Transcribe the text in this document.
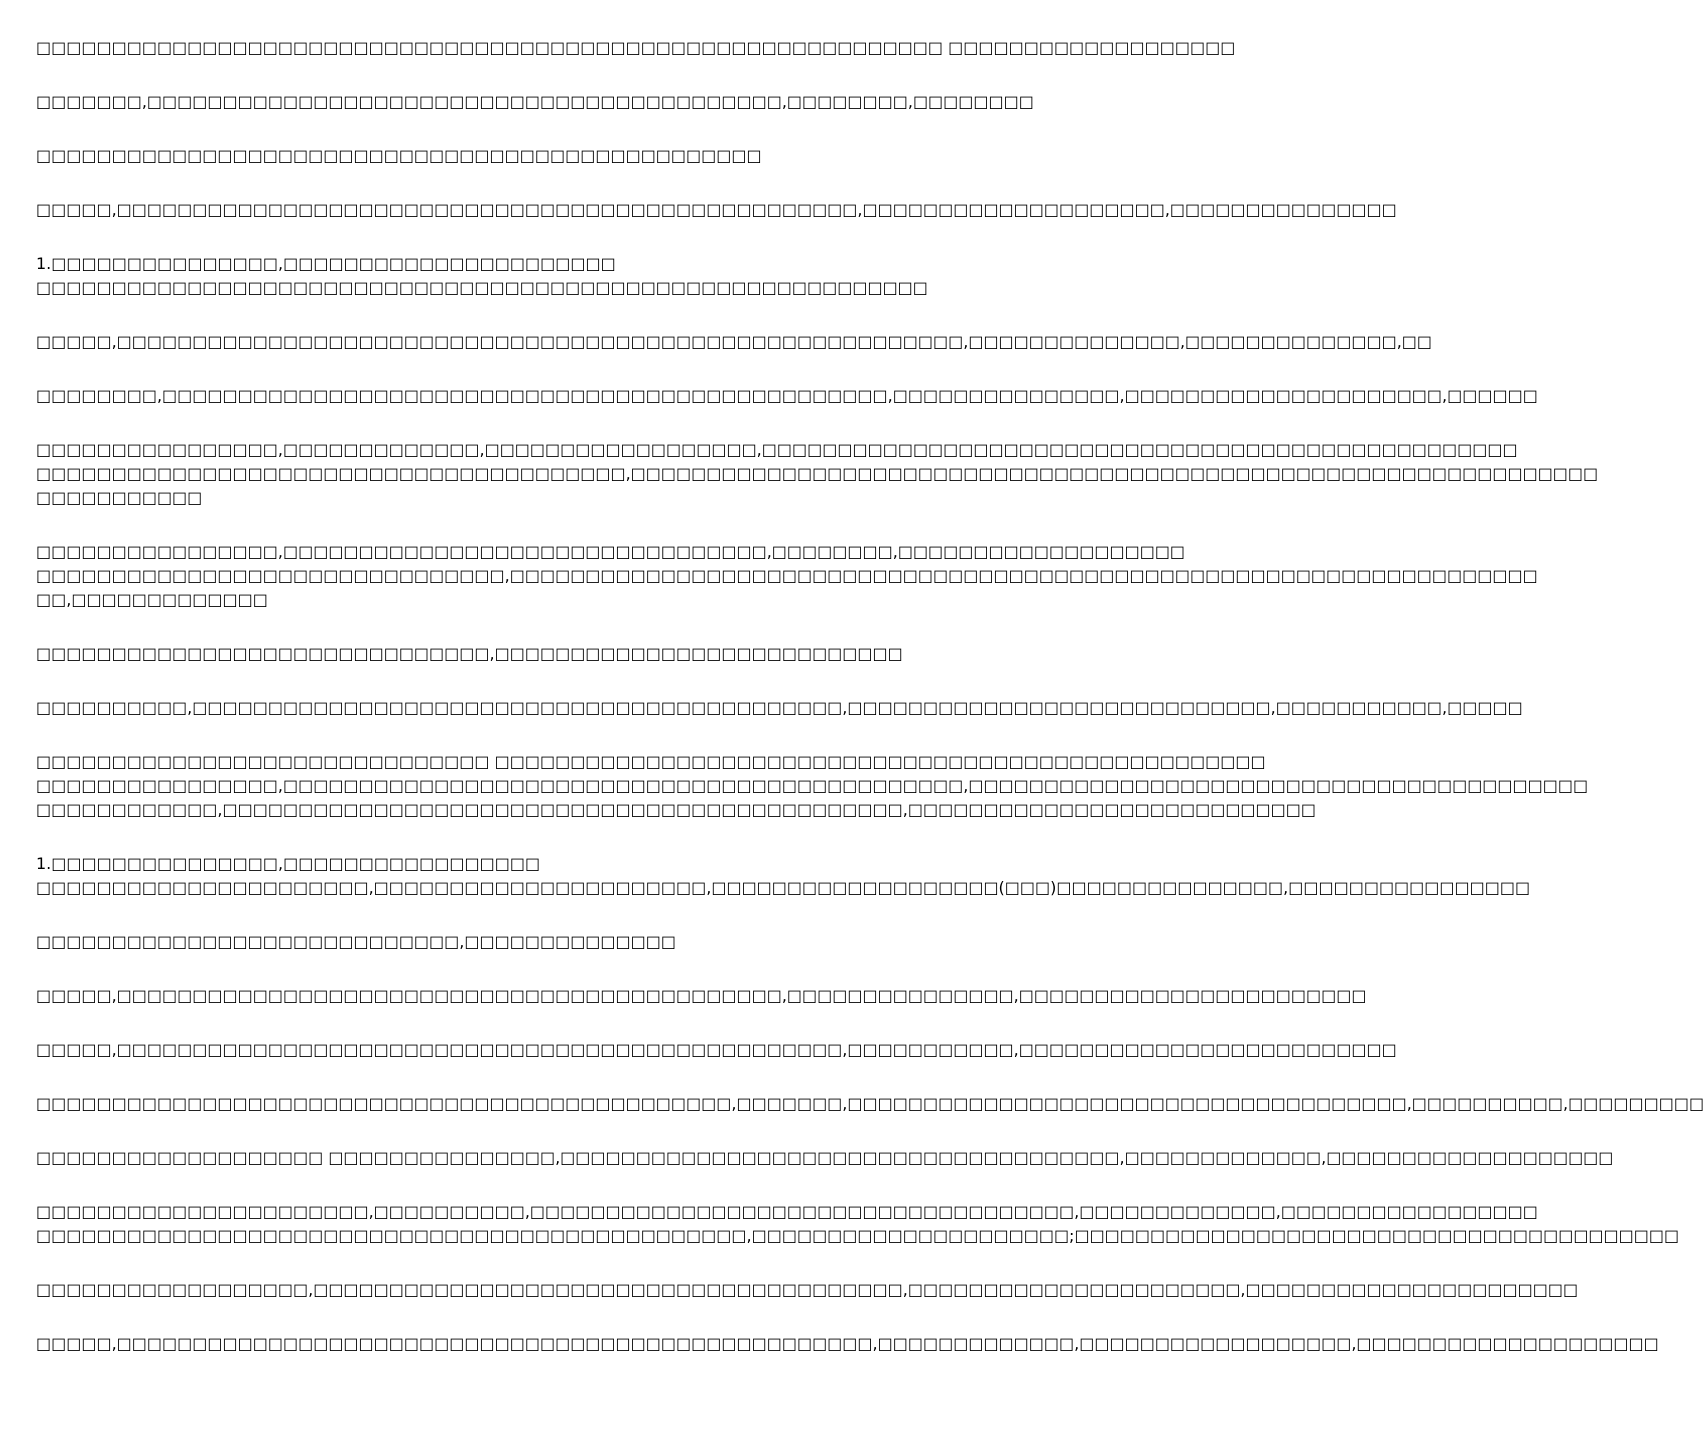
□□□□□□□□□□□□□□□□□□□□□□□□□□□□□□□□□□□□□□□□□□□□□□□□□□□□□□□□□□□□ □□□□□□□□□□□□□□□□□□□
□□□□□□□,□□□□□□□□□□□□□□□□□□□□□□□□□□□□□□□□□□□□□□□□□□,□□□□□□□□,□□□□□□□□
□□□□□□□□□□□□□□□□□□□□□□□□□□□□□□□□□□□□□□□□□□□□□□□□
□□□□□,□□□□□□□□□□□□□□□□□□□□□□□□□□□□□□□□□□□□□□□□□□□□□□□□□,□□□□□□□□□□□□□□□□□□□□,□□□□□□□□□□□□□□□
1.□□□□□□□□□□□□□□□,□□□□□□□□□□□□□□□□□□□□□□
□□□□□□□□□□□□□□□□□□□□□□□□□□□□□□□□□□□□□□□□□□□□□□□□□□□□□□□□□□□
□□□□□,□□□□□□□□□□□□□□□□□□□□□□□□□□□□□□□□□□□□□□□□□□□□□□□□□□□□□□□□,□□□□□□□□□□□□□□,□□□□□□□□□□□□□□,□□
□□□□□□□□,□□□□□□□□□□□□□□□□□□□□□□□□□□□□□□□□□□□□□□□□□□□□□□□□,□□□□□□□□□□□□□□□,□□□□□□□□□□□□□□□□□□□□□,□□□□□□
□□□□□□□□□□□□□□□□,□□□□□□□□□□□□□,□□□□□□□□□□□□□□□□□□,□□□□□□□□□□□□□□□□□□□□□□□□□□□□□□□□□□□□□□□□□□□□□□□□□□
□□□□□□□□□□□□□□□□□□□□□□□□□□□□□□□□□□□□□□□,□□□□□□□□□□□□□□□□□□□□□□□□□□□□□□□□□□□□□□□□□□□□□□□□□□□□□□□□□□□□□□□□
□□□□□□□□□□□
□□□□□□□□□□□□□□□□,□□□□□□□□□□□□□□□□□□□□□□□□□□□□□□□□,□□□□□□□□,□□□□□□□□□□□□□□□□□□□
□□□□□□□□□□□□□□□□□□□□□□□□□□□□□□□,□□□□□□□□□□□□□□□□□□□□□□□□□□□□□□□□□□□□□□□□□□□□□□□□□□□□□□□□□□□□□□□□□□□□
□□,□□□□□□□□□□□□□
□□□□□□□□□□□□□□□□□□□□□□□□□□□□□□,□□□□□□□□□□□□□□□□□□□□□□□□□□□
□□□□□□□□□□,□□□□□□□□□□□□□□□□□□□□□□□□□□□□□□□□□□□□□□□□□□□,□□□□□□□□□□□□□□□□□□□□□□□□□□□□,□□□□□□□□□□□,□□□□□
□□□□□□□□□□□□□□□□□□□□□□□□□□□□□□ □□□□□□□□□□□□□□□□□□□□□□□□□□□□□□□□□□□□□□□□□□□□□□□□□□□
□□□□□□□□□□□□□□□□,□□□□□□□□□□□□□□□□□□□□□□□□□□□□□□□□□□□□□□□□□□□□□,□□□□□□□□□□□□□□□□□□□□□□□□□□□□□□□□□□□□□□□□□
□□□□□□□□□□□□,□□□□□□□□□□□□□□□□□□□□□□□□□□□□□□□□□□□□□□□□□□□□□,□□□□□□□□□□□□□□□□□□□□□□□□□□□
1.□□□□□□□□□□□□□□□,□□□□□□□□□□□□□□□□□
□□□□□□□□□□□□□□□□□□□□□□,□□□□□□□□□□□□□□□□□□□□□□,□□□□□□□□□□□□□□□□□□□(□□□)□□□□□□□□□□□□□□□,□□□□□□□□□□□□□□□□
□□□□□□□□□□□□□□□□□□□□□□□□□□□□,□□□□□□□□□□□□□□
□□□□□,□□□□□□□□□□□□□□□□□□□□□□□□□□□□□□□□□□□□□□□□□□□□,□□□□□□□□□□□□□□□,□□□□□□□□□□□□□□□□□□□□□□□
□□□□□,□□□□□□□□□□□□□□□□□□□□□□□□□□□□□□□□□□□□□□□□□□□□□□□□,□□□□□□□□□□□,□□□□□□□□□□□□□□□□□□□□□□□□□
□□□□□□□□□□□□□□□□□□□□□□□□□□□□□□□□□□□□□□□□□□□□□□,□□□□□□□,□□□□□□□□□□□□□□□□□□□□□□□□□□□□□□□□□□□□□,□□□□□□□□□□,□□□□□□□□□
□□□□□□□□□□□□□□□□□□□ □□□□□□□□□□□□□□□,□□□□□□□□□□□□□□□□□□□□□□□□□□□□□□□□□□□□□,□□□□□□□□□□□□□,□□□□□□□□□□□□□□□□□□□
□□□□□□□□□□□□□□□□□□□□□□,□□□□□□□□□□,□□□□□□□□□□□□□□□□□□□□□□□□□□□□□□□□□□□□,□□□□□□□□□□□□□,□□□□□□□□□□□□□□□□□
□□□□□□□□□□□□□□□□□□□□□□□□□□□□□□□□□□□□□□□□□□□□□□□,□□□□□□□□□□□□□□□□□□□□□;□□□□□□□□□□□□□□□□□□□□□□□□□□□□□□□□□□□□□□□□
□□□□□□□□□□□□□□□□□□,□□□□□□□□□□□□□□□□□□□□□□□□□□□□□□□□□□□□□□□,□□□□□□□□□□□□□□□□□□□□□□,□□□□□□□□□□□□□□□□□□□□□□
□□□□□,□□□□□□□□□□□□□□□□□□□□□□□□□□□□□□□□□□□□□□□□□□□□□□□□□□,□□□□□□□□□□□□□,□□□□□□□□□□□□□□□□□□,□□□□□□□□□□□□□□□□□□□□
